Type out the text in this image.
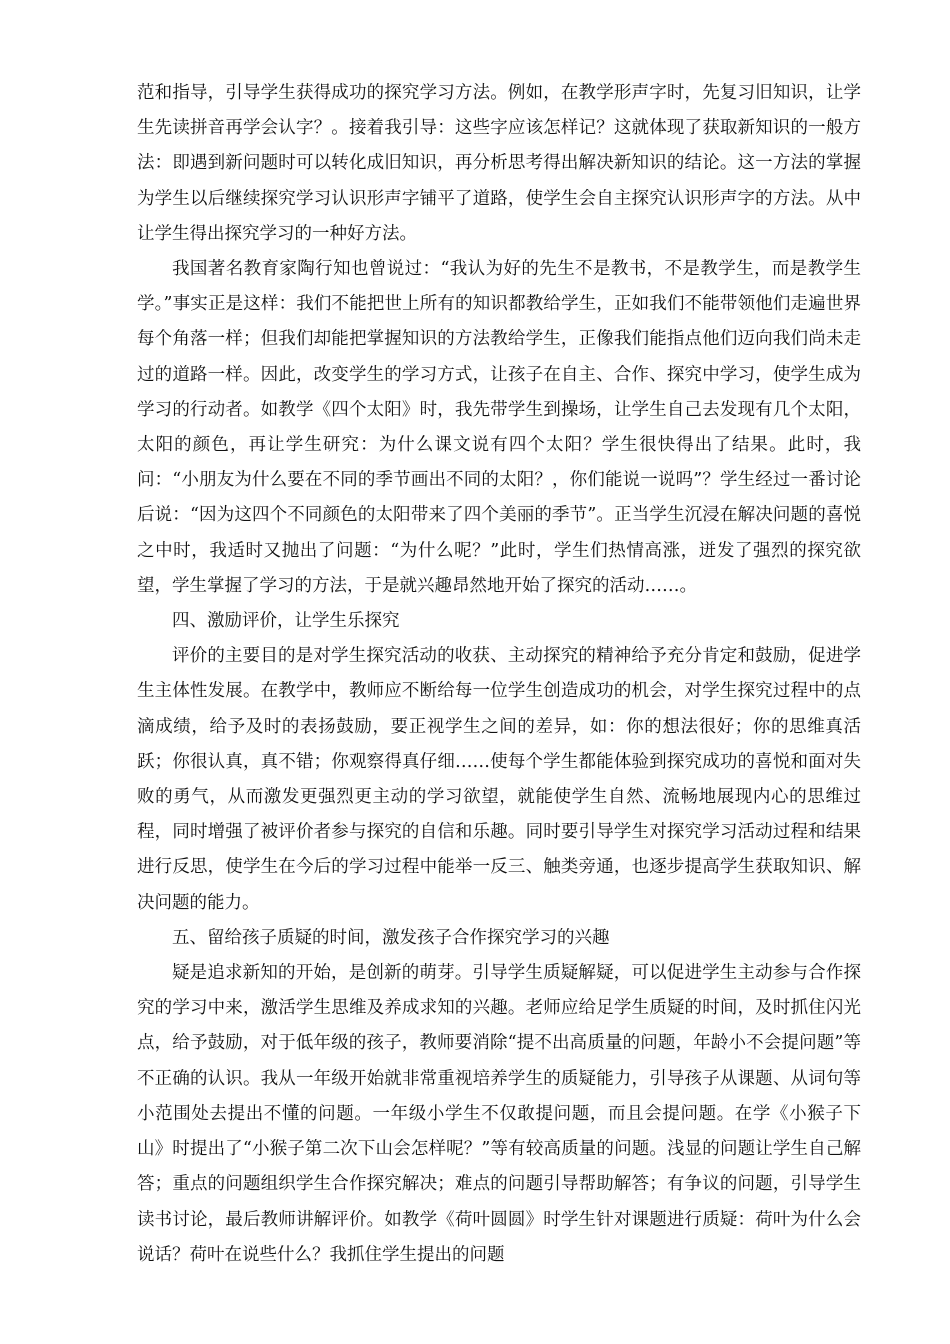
范和指导，引导学生获得成功的探究学习方法。例如，在教学形声字时，先复习旧知识，让学生先读拼音再学会认字？。接着我引导：这些字应该怎样记？这就体现了获取新知识的一般方法：即遇到新问题时可以转化成旧知识，再分析思考得出解决新知识的结论。这一方法的掌握为学生以后继续探究学习认识形声字铺平了道路，使学生会自主探究认识形声字的方法。从中让学生得出探究学习的一种好方法。

我国著名教育家陶行知也曾说过：“我认为好的先生不是教书，不是教学生，而是教学生学。”事实正是这样：我们不能把世上所有的知识都教给学生，正如我们不能带领他们走遍世界每个角落一样；但我们却能把掌握知识的方法教给学生，正像我们能指点他们迈向我们尚未走过的道路一样。因此，改变学生的学习方式，让孩子在自主、合作、探究中学习，使学生成为学习的行动者。如教学《四个太阳》时，我先带学生到操场，让学生自己去发现有几个太阳，太阳的颜色，再让学生研究：为什么课文说有四个太阳？学生很快得出了结果。此时，我问：“小朋友为什么要在不同的季节画出不同的太阳？，你们能说一说吗”？学生经过一番讨论后说：“因为这四个不同颜色的太阳带来了四个美丽的季节”。正当学生沉浸在解决问题的喜悦之中时，我适时又抛出了问题：“为什么呢？”此时，学生们热情高涨，迸发了强烈的探究欲望，学生掌握了学习的方法，于是就兴趣昂然地开始了探究的活动……。

四、激励评价，让学生乐探究

评价的主要目的是对学生探究活动的收获、主动探究的精神给予充分肯定和鼓励，促进学生主体性发展。在教学中，教师应不断给每一位学生创造成功的机会，对学生探究过程中的点滴成绩，给予及时的表扬鼓励，要正视学生之间的差异，如：你的想法很好；你的思维真活跃；你很认真，真不错；你观察得真仔细……使每个学生都能体验到探究成功的喜悦和面对失败的勇气，从而激发更强烈更主动的学习欲望，就能使学生自然、流畅地展现内心的思维过程，同时增强了被评价者参与探究的自信和乐趣。同时要引导学生对探究学习活动过程和结果进行反思，使学生在今后的学习过程中能举一反三、触类旁通，也逐步提高学生获取知识、解决问题的能力。

五、留给孩子质疑的时间，激发孩子合作探究学习的兴趣

疑是追求新知的开始，是创新的萌芽。引导学生质疑解疑，可以促进学生主动参与合作探究的学习中来，激活学生思维及养成求知的兴趣。老师应给足学生质疑的时间，及时抓住闪光点，给予鼓励，对于低年级的孩子，教师要消除“提不出高质量的问题，年龄小不会提问题”等不正确的认识。我从一年级开始就非常重视培养学生的质疑能力，引导孩子从课题、从词句等小范围处去提出不懂的问题。一年级小学生不仅敢提问题，而且会提问题。在学《小猴子下山》时提出了“小猴子第二次下山会怎样呢？”等有较高质量的问题。浅显的问题让学生自己解答；重点的问题组织学生合作探究解决；难点的问题引导帮助解答；有争议的问题，引导学生读书讨论，最后教师讲解评价。如教学《荷叶圆圆》时学生针对课题进行质疑：荷叶为什么会说话？荷叶在说些什么？我抓住学生提出的问题
